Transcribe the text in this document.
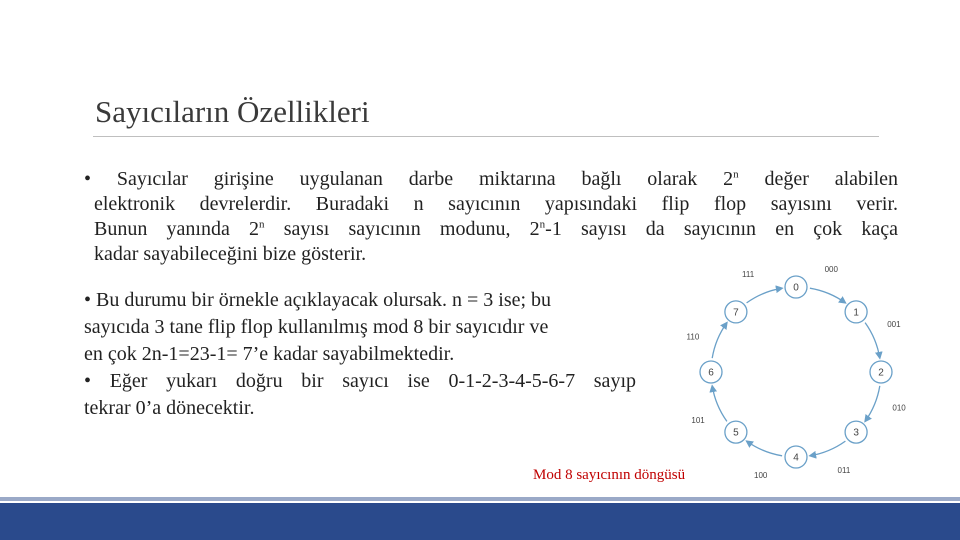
Sayıcıların Özellikleri
• Sayıcılar girişine uygulanan darbe miktarına bağlı olarak 2$^n$ değer alabilen
elektronik devrelerdir. Buradaki n sayıcının yapısındaki flip flop sayısını verir.
Bunun yanında 2$^n$ sayısı sayıcının modunu, 2$^n$-1 sayısı da sayıcının en çok kaça
kadar sayabileceğini bize gösterir.
• Bu durumu bir örnekle açıklayacak olursak. n = 3 ise; bu
sayıcıda 3 tane flip flop kullanılmış mod 8 bir sayıcıdır ve
en çok 2n-1=23-1= 7’e kadar sayabilmektedir.
• Eğer yukarı doğru bir sayıcı ise 0-1-2-3-4-5-6-7 sayıp
tekrar 0’a dönecektir.
0
000
1
001
2
010
3
011
4
100
5
101
6
110
7
111
Mod 8 sayıcının döngüsü
